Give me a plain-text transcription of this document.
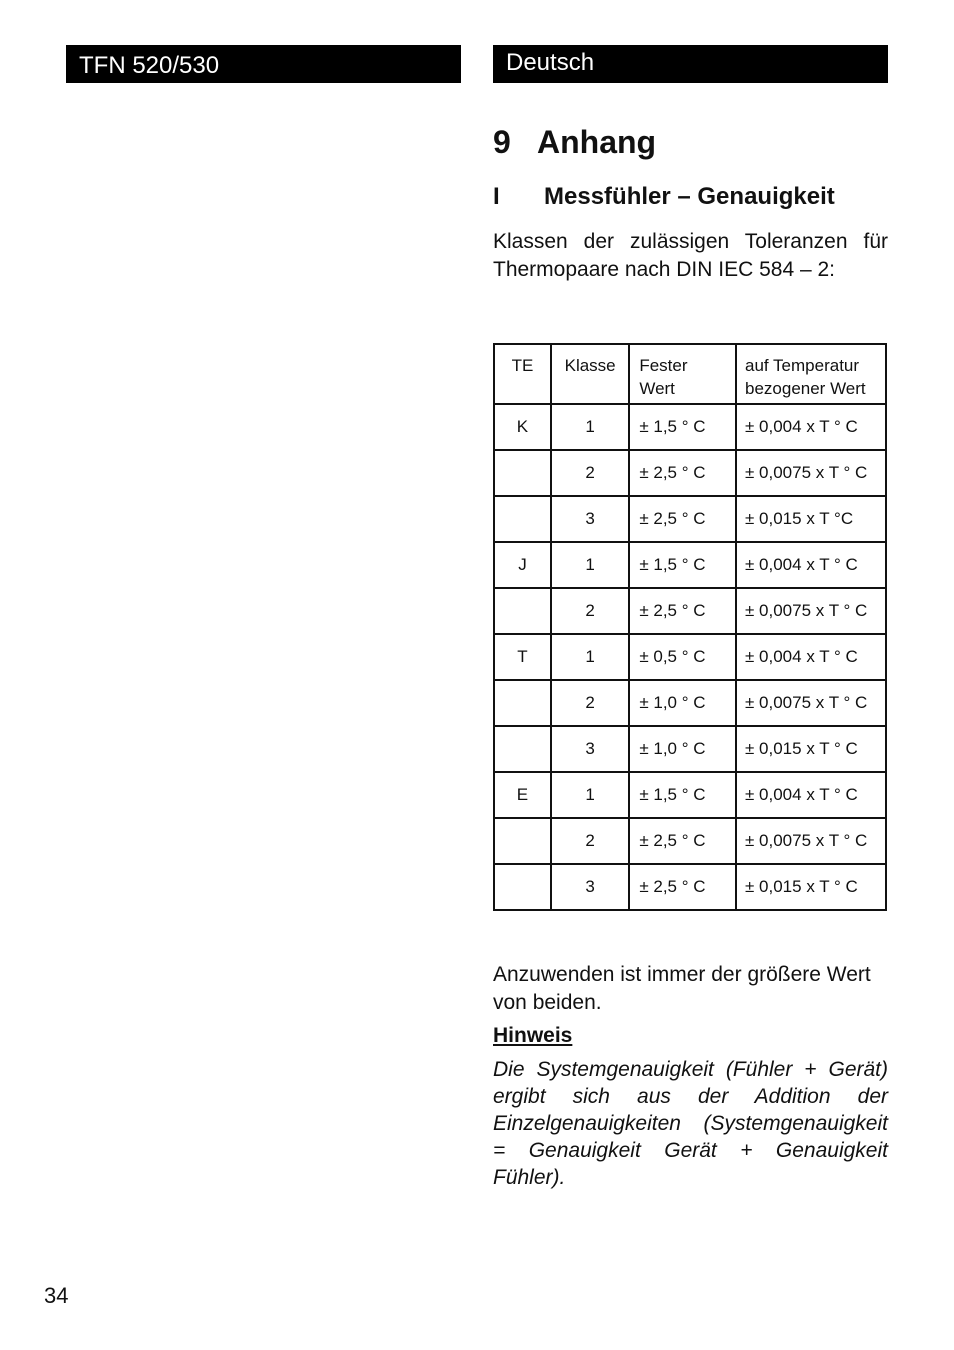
TFN 520/530	Deutsch
9 Anhang
I Messfühler – Genauigkeit

Klassen der zulässigen Toleranzen für Thermopaare nach DIN IEC 584 – 2:

TE	Klasse	Fester Wert	auf Temperatur bezogener Wert

K	1	± 1,5 ° C	± 0,004 x T ° C
	2	± 2,5 ° C	± 0,0075 x T ° C
	3	± 2,5 ° C	± 0,015 x T °C
J	1	± 1,5 ° C	± 0,004 x T ° C
	2	± 2,5 ° C	± 0,0075 x T ° C
T	1	± 0,5 ° C	± 0,004 x T ° C
	2	± 1,0 ° C	± 0,0075 x T ° C
	3	± 1,0 ° C	± 0,015 x T ° C
E	1	± 1,5 ° C	± 0,004 x T ° C
	2	± 2,5 ° C	± 0,0075 x T ° C
	3	± 2,5 ° C	± 0,015 x T ° C

Anzuwenden ist immer der größere Wert von beiden.

Hinweis

Die Systemgenauigkeit (Fühler + Gerät) ergibt sich aus der Addition der Einzelgenauigkeiten (Systemgenauigkeit = Genauigkeit Gerät + Genauigkeit Fühler).

34
